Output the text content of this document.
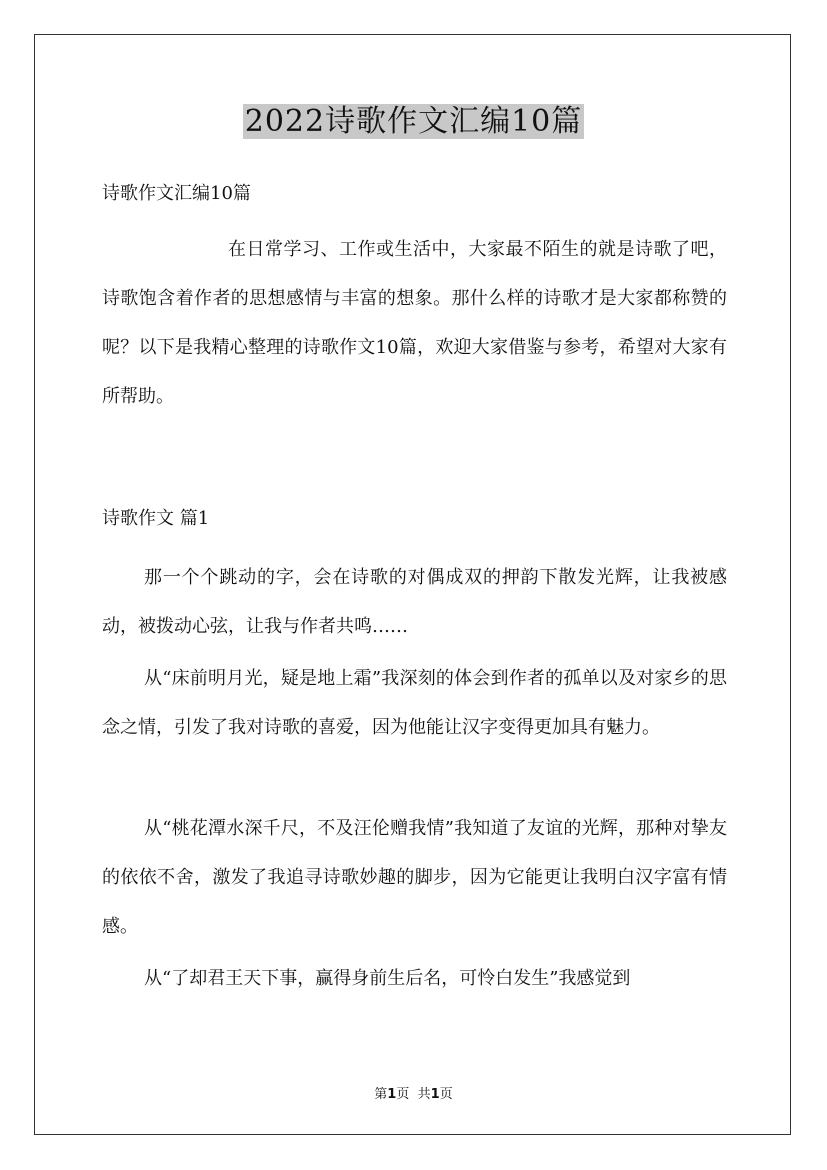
2022诗歌作文汇编10篇
诗歌作文汇编10篇
在日常学习、工作或生活中，大家最不陌生的就是诗歌了吧，诗歌饱含着作者的思想感情与丰富的想象。那什么样的诗歌才是大家都称赞的呢？以下是我精心整理的诗歌作文10篇，欢迎大家借鉴与参考，希望对大家有所帮助。
诗歌作文 篇1
那一个个跳动的字，会在诗歌的对偶成双的押韵下散发光辉，让我被感动，被拨动心弦，让我与作者共鸣……
从“床前明月光，疑是地上霜”我深刻的体会到作者的孤单以及对家乡的思念之情，引发了我对诗歌的喜爱，因为他能让汉字变得更加具有魅力。
从“桃花潭水深千尺，不及汪伦赠我情”我知道了友谊的光辉，那种对挚友的依依不舍，激发了我追寻诗歌妙趣的脚步，因为它能更让我明白汉字富有情感。
从“了却君王天下事，赢得身前生后名，可怜白发生”我感觉到
第1页 共1页
